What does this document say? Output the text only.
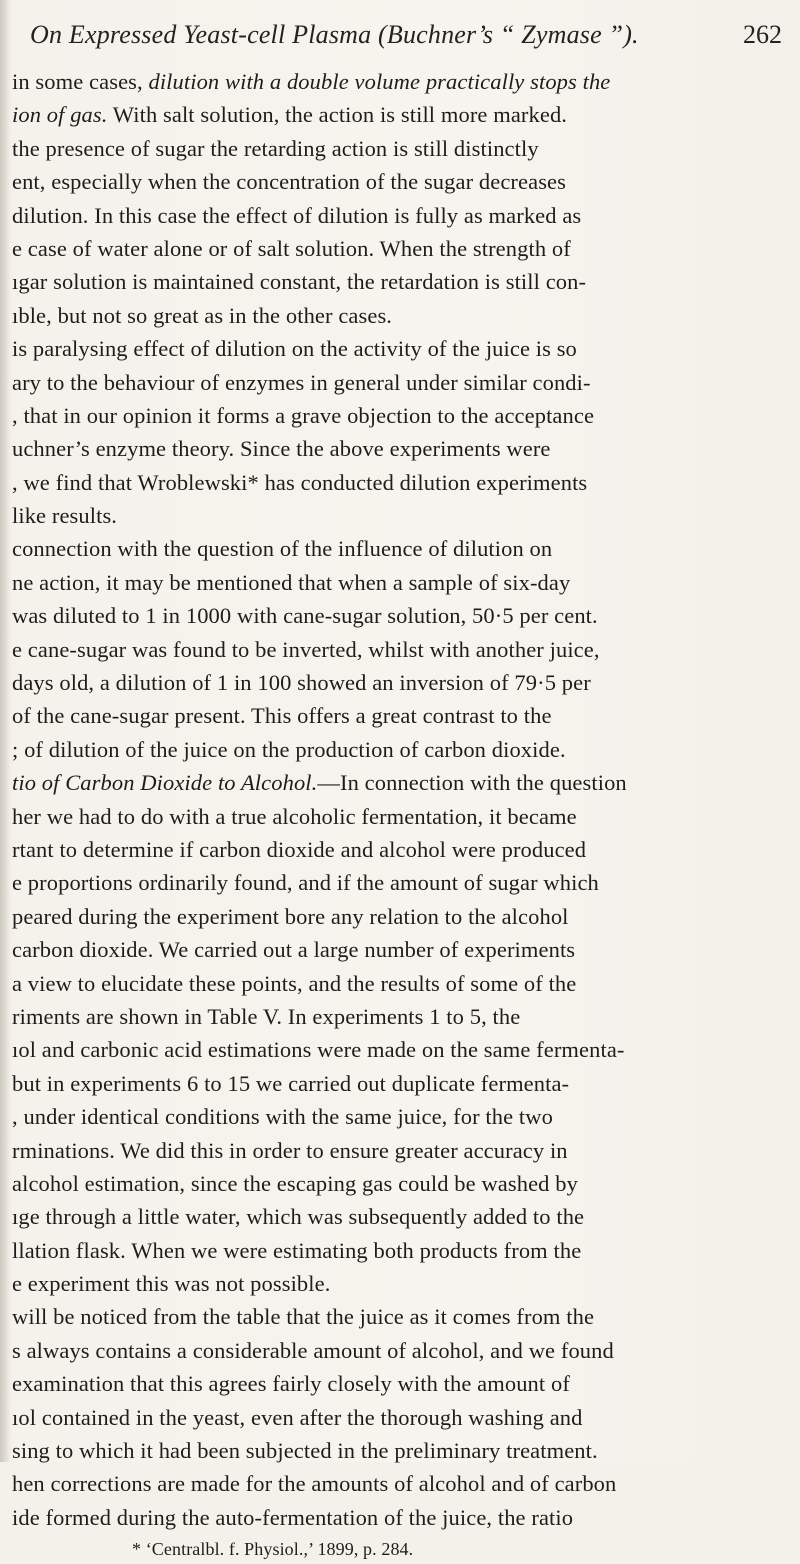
On Expressed Yeast-cell Plasma (Buchner’s “ Zymase ”).	262
in some cases, dilution with a double volume practically stops the
ion of gas. With salt solution, the action is still more marked.
the presence of sugar the retarding action is still distinctly
ent, especially when the concentration of the sugar decreases
dilution. In this case the effect of dilution is fully as marked as
e case of water alone or of salt solution. When the strength of
ıgar solution is maintained constant, the retardation is still con-
ıble, but not so great as in the other cases.
is paralysing effect of dilution on the activity of the juice is so
ary to the behaviour of enzymes in general under similar condi-
, that in our opinion it forms a grave objection to the acceptance
uchner’s enzyme theory. Since the above experiments were
, we find that Wroblewski* has conducted dilution experiments
like results.
connection with the question of the influence of dilution on
ne action, it may be mentioned that when a sample of six-day
was diluted to 1 in 1000 with cane-sugar solution, 50·5 per cent.
e cane-sugar was found to be inverted, whilst with another juice,
days old, a dilution of 1 in 100 showed an inversion of 79·5 per
of the cane-sugar present. This offers a great contrast to the
; of dilution of the juice on the production of carbon dioxide.
tio of Carbon Dioxide to Alcohol.—In connection with the question
her we had to do with a true alcoholic fermentation, it became
rtant to determine if carbon dioxide and alcohol were produced
e proportions ordinarily found, and if the amount of sugar which
peared during the experiment bore any relation to the alcohol
carbon dioxide. We carried out a large number of experiments
a view to elucidate these points, and the results of some of the
riments are shown in Table V. In experiments 1 to 5, the
ıol and carbonic acid estimations were made on the same fermenta-
but in experiments 6 to 15 we carried out duplicate fermenta-
, under identical conditions with the same juice, for the two
rminations. We did this in order to ensure greater accuracy in
alcohol estimation, since the escaping gas could be washed by
ıge through a little water, which was subsequently added to the
llation flask. When we were estimating both products from the
e experiment this was not possible.
will be noticed from the table that the juice as it comes from the
s always contains a considerable amount of alcohol, and we found
examination that this agrees fairly closely with the amount of
ıol contained in the yeast, even after the thorough washing and
sing to which it had been subjected in the preliminary treatment.
hen corrections are made for the amounts of alcohol and of carbon
ide formed during the auto-fermentation of the juice, the ratio
* ‘Centralbl. f. Physiol.,’ 1899, p. 284.
